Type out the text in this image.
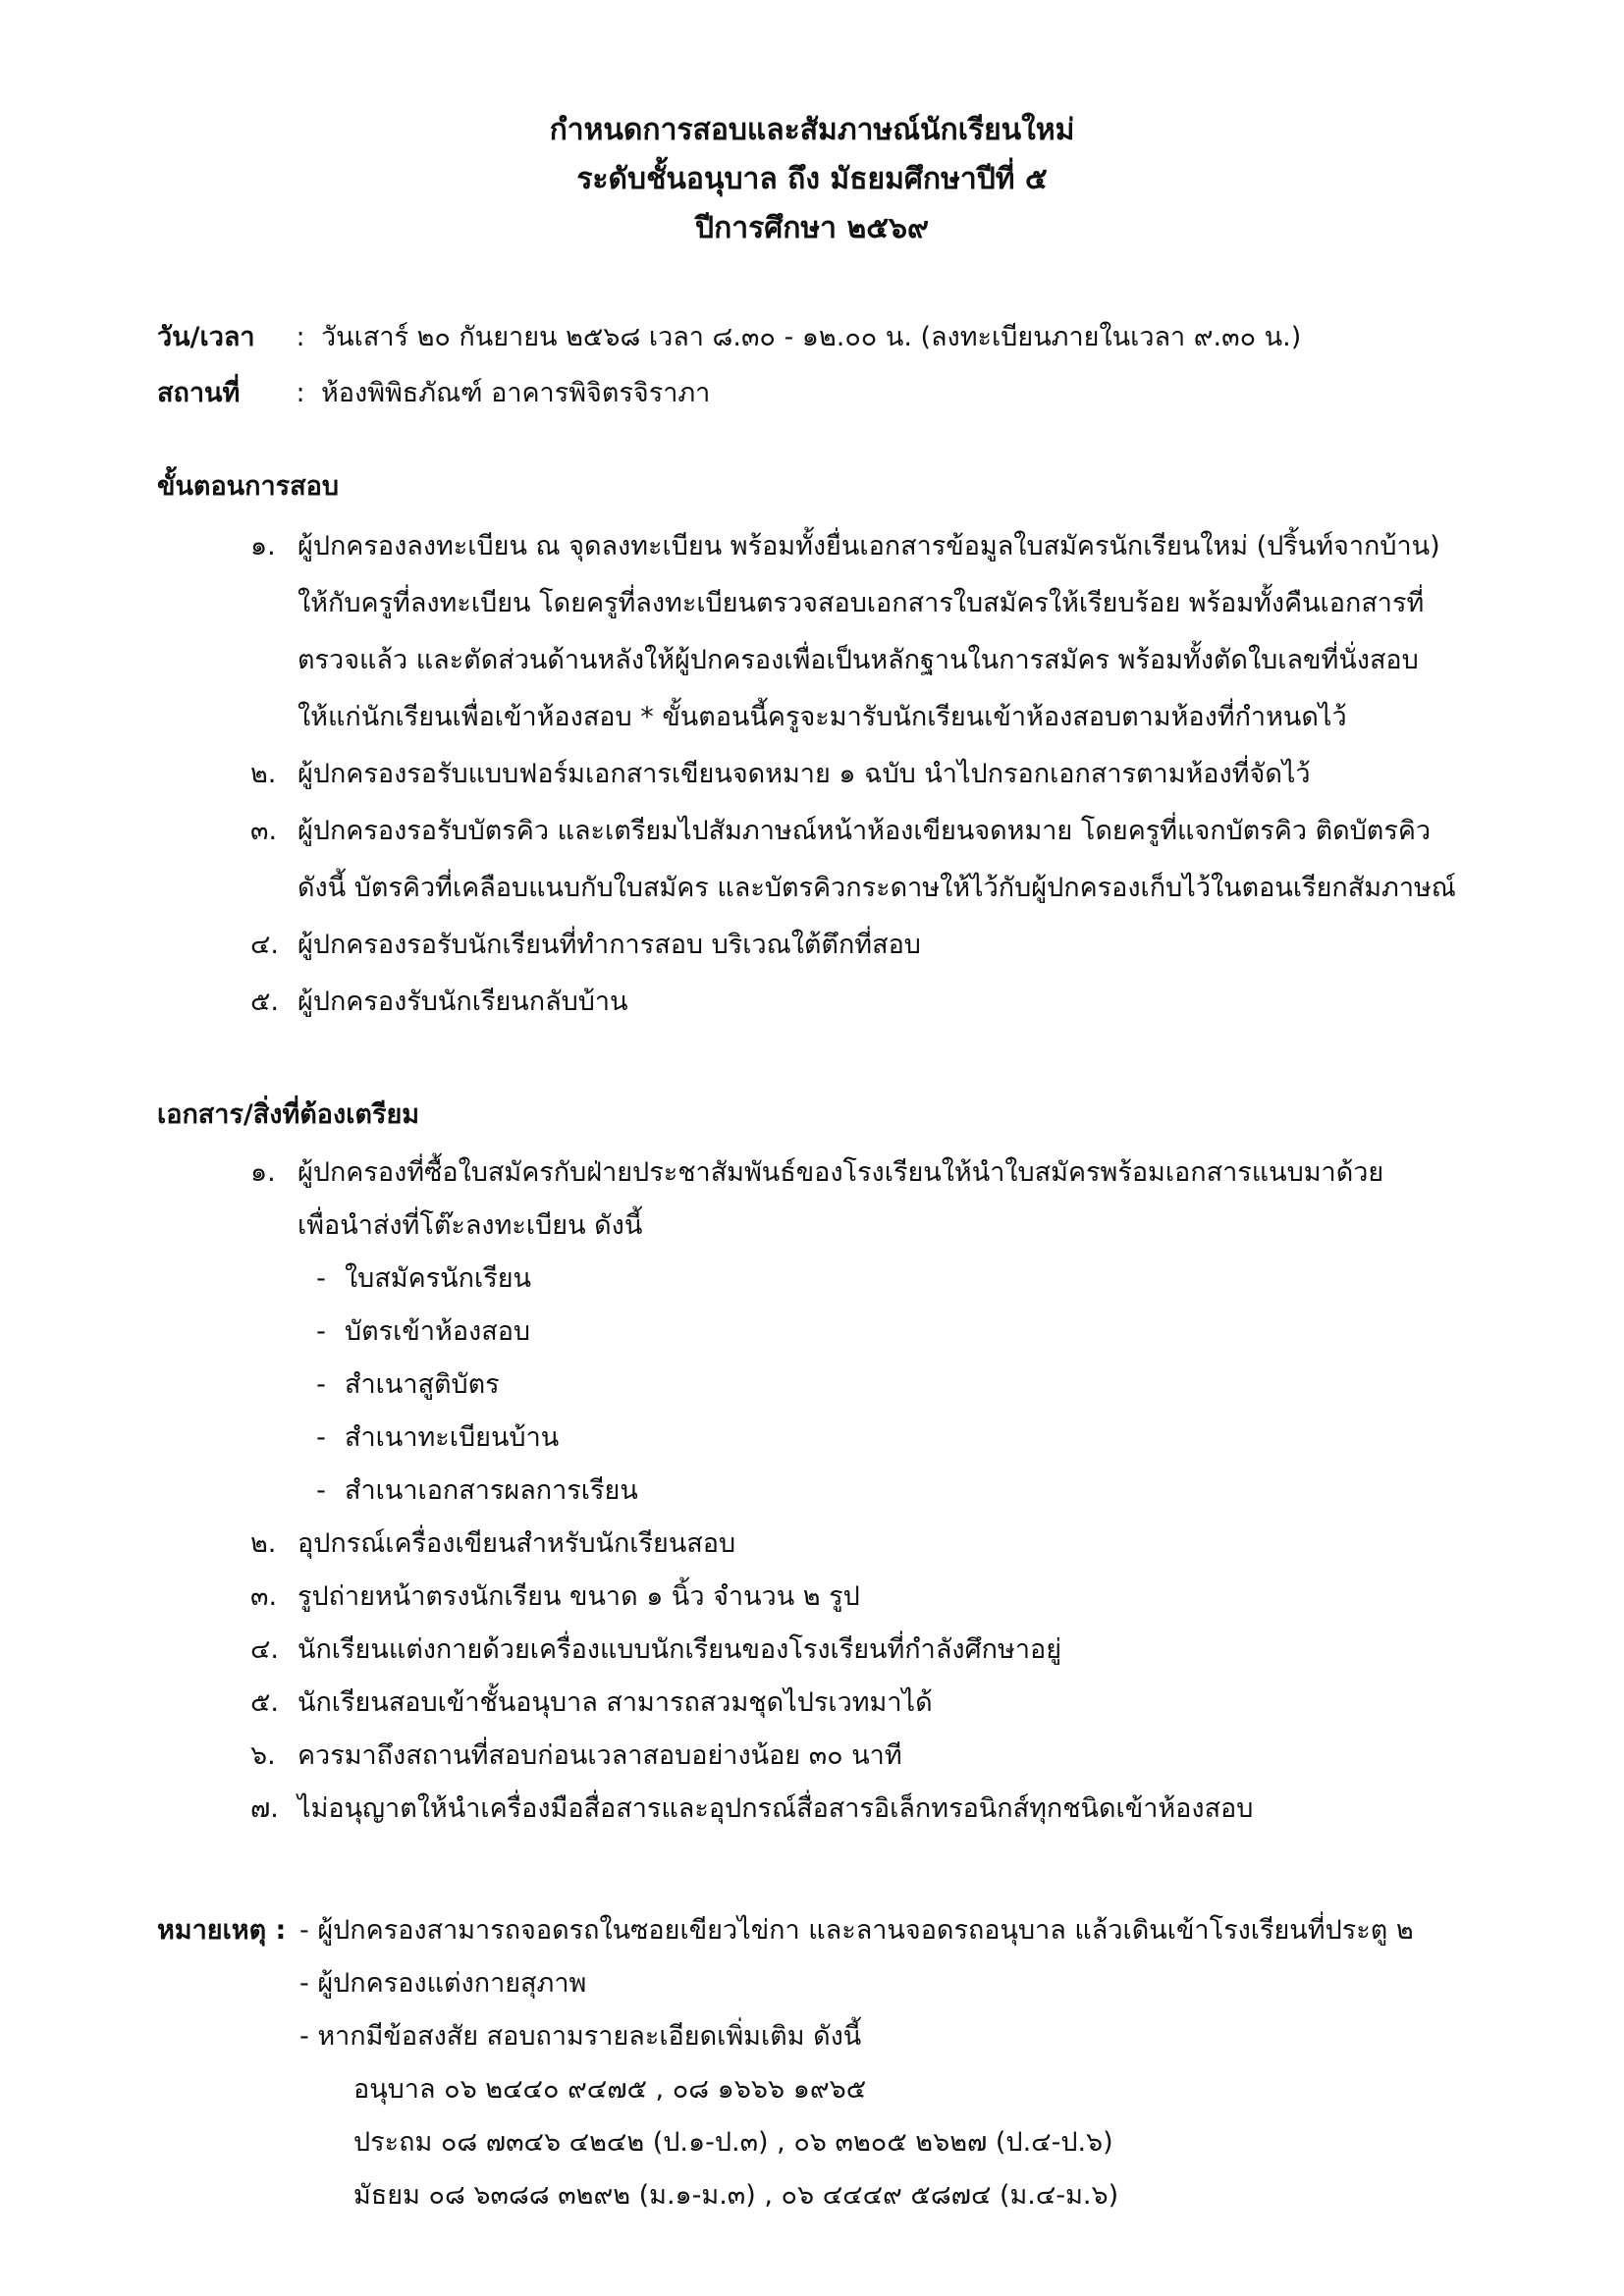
กำหนดการสอบและสัมภาษณ์นักเรียนใหม่
ระดับชั้นอนุบาล ถึง มัธยมศึกษาปีที่ ๕
ปีการศึกษา ๒๕๖๙
วัน/เวลา : วันเสาร์ ๒๐ กันยายน ๒๕๖๘ เวลา ๘.๓๐ - ๑๒.๐๐ น. (ลงทะเบียนภายในเวลา ๙.๓๐ น.)
สถานที่ : ห้องพิพิธภัณฑ์ อาคารพิจิตรจิราภา
ขั้นตอนการสอบ
๑. ผู้ปกครองลงทะเบียน ณ จุดลงทะเบียน พร้อมทั้งยื่นเอกสารข้อมูลใบสมัครนักเรียนใหม่ (ปริ้นท์จากบ้าน)
ให้กับครูที่ลงทะเบียน โดยครูที่ลงทะเบียนตรวจสอบเอกสารใบสมัครให้เรียบร้อย พร้อมทั้งคืนเอกสารที่
ตรวจแล้ว และตัดส่วนด้านหลังให้ผู้ปกครองเพื่อเป็นหลักฐานในการสมัคร พร้อมทั้งตัดใบเลขที่นั่งสอบ
ให้แก่นักเรียนเพื่อเข้าห้องสอบ * ขั้นตอนนี้ครูจะมารับนักเรียนเข้าห้องสอบตามห้องที่กำหนดไว้
๒. ผู้ปกครองรอรับแบบฟอร์มเอกสารเขียนจดหมาย ๑ ฉบับ นำไปกรอกเอกสารตามห้องที่จัดไว้
๓. ผู้ปกครองรอรับบัตรคิว และเตรียมไปสัมภาษณ์หน้าห้องเขียนจดหมาย โดยครูที่แจกบัตรคิว ติดบัตรคิว
ดังนี้ บัตรคิวที่เคลือบแนบกับใบสมัคร และบัตรคิวกระดาษให้ไว้กับผู้ปกครองเก็บไว้ในตอนเรียกสัมภาษณ์
๔. ผู้ปกครองรอรับนักเรียนที่ทำการสอบ บริเวณใต้ตึกที่สอบ
๕. ผู้ปกครองรับนักเรียนกลับบ้าน
เอกสาร/สิ่งที่ต้องเตรียม
๑. ผู้ปกครองที่ซื้อใบสมัครกับฝ่ายประชาสัมพันธ์ของโรงเรียนให้นำใบสมัครพร้อมเอกสารแนบมาด้วย
เพื่อนำส่งที่โต๊ะลงทะเบียน ดังนี้
- ใบสมัครนักเรียน
- บัตรเข้าห้องสอบ
- สำเนาสูติบัตร
- สำเนาทะเบียนบ้าน
- สำเนาเอกสารผลการเรียน
๒. อุปกรณ์เครื่องเขียนสำหรับนักเรียนสอบ
๓. รูปถ่ายหน้าตรงนักเรียน ขนาด ๑ นิ้ว จำนวน ๒ รูป
๔. นักเรียนแต่งกายด้วยเครื่องแบบนักเรียนของโรงเรียนที่กำลังศึกษาอยู่
๕. นักเรียนสอบเข้าชั้นอนุบาล สามารถสวมชุดไปรเวทมาได้
๖. ควรมาถึงสถานที่สอบก่อนเวลาสอบอย่างน้อย ๓๐ นาที
๗. ไม่อนุญาตให้นำเครื่องมือสื่อสารและอุปกรณ์สื่อสารอิเล็กทรอนิกส์ทุกชนิดเข้าห้องสอบ
หมายเหตุ : - ผู้ปกครองสามารถจอดรถในซอยเขียวไข่กา และลานจอดรถอนุบาล แล้วเดินเข้าโรงเรียนที่ประตู ๒
- ผู้ปกครองแต่งกายสุภาพ
- หากมีข้อสงสัย สอบถามรายละเอียดเพิ่มเติม ดังนี้
อนุบาล ๐๖ ๒๔๔๐ ๙๔๗๕ , ๐๘ ๑๖๖๖ ๑๙๖๕
ประถม ๐๘ ๗๓๔๖ ๔๒๔๒ (ป.๑-ป.๓) , ๐๖ ๓๒๐๕ ๒๖๒๗ (ป.๔-ป.๖)
มัธยม ๐๘ ๖๓๘๘ ๓๒๙๒ (ม.๑-ม.๓) , ๐๖ ๔๔๔๙ ๕๘๗๔ (ม.๔-ม.๖)
